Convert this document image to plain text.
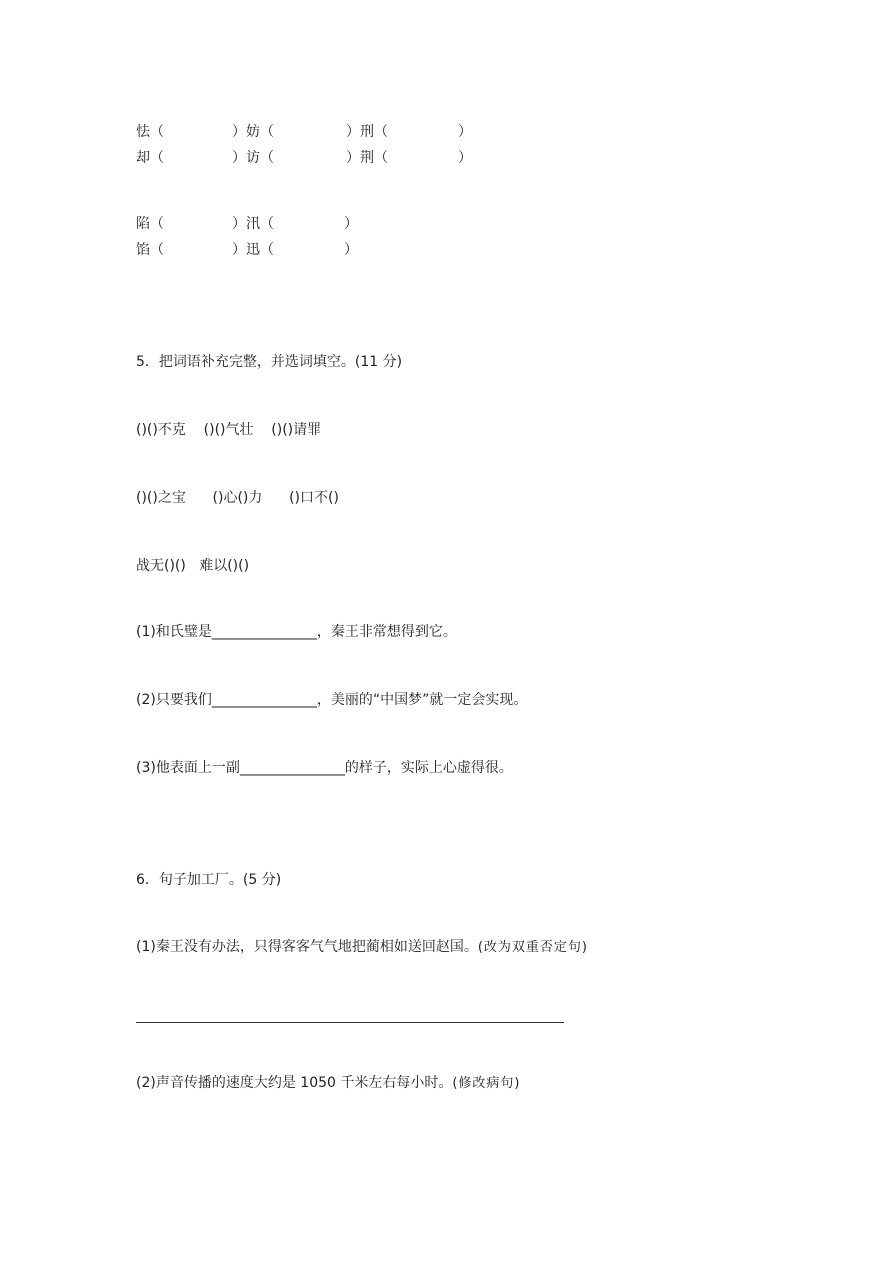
怯（	）妨（	）刑（	）
却（	）访（	）荆（	）
陷（	）汛（	）
馅（	）迅（	）
5．把词语补充完整，并选词填空。(11 分)
()()不克    ()()气壮    ()()请罪
()()之宝      ()心()力      ()口不()
战无()()   难以()()
(1)和氏璧是_______________，秦王非常想得到它。
(2)只要我们_______________，美丽的“中国梦”就一定会实现。
(3)他表面上一副_______________的样子，实际上心虚得很。
6．句子加工厂。(5 分)
(1)秦王没有办法，只得客客气气地把蔺相如送回赵国。(改为双重否定句)
(2)声音传播的速度大约是 1050 千米左右每小时。(修改病句)
